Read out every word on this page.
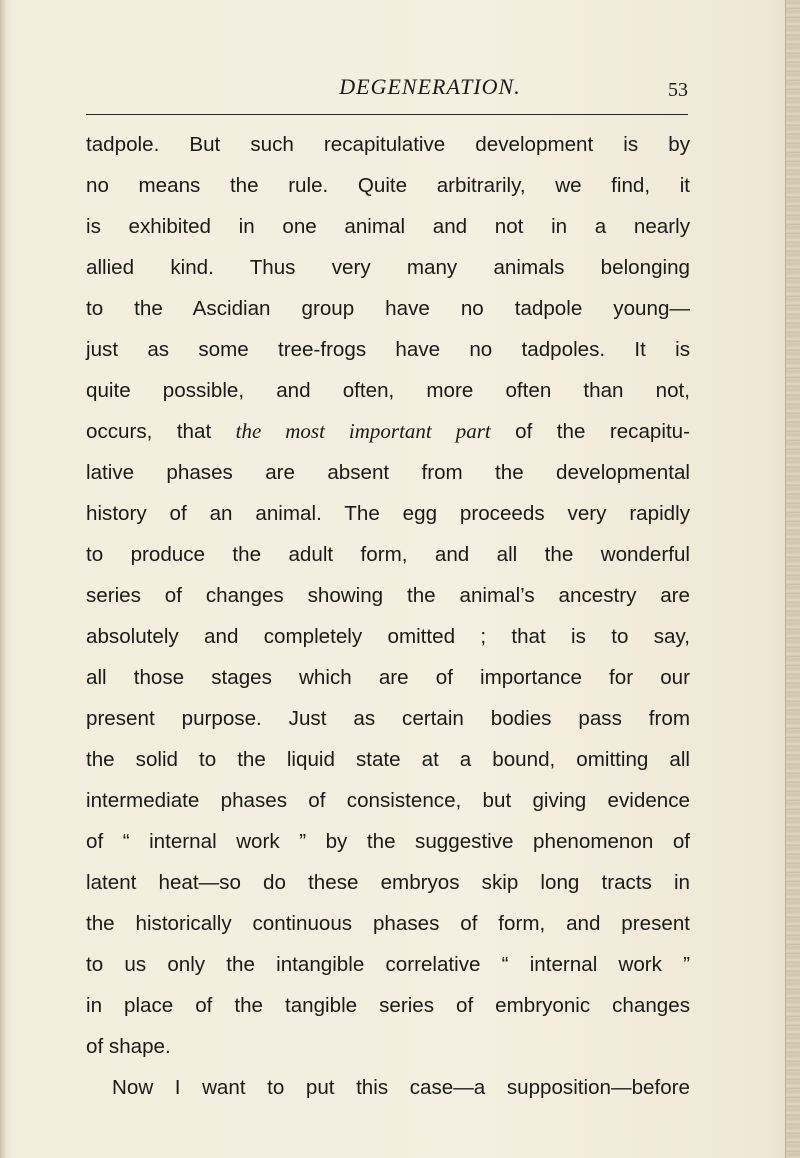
DEGENERATION.	53
tadpole. But such recapitulative development is by
no means the rule. Quite arbitrarily, we find, it
is exhibited in one animal and not in a nearly
allied kind. Thus very many animals belonging
to the Ascidian group have no tadpole young—
just as some tree-frogs have no tadpoles. It is
quite possible, and often, more often than not,
occurs, that the most important part of the recapitu-
lative phases are absent from the developmental
history of an animal. The egg proceeds very rapidly
to produce the adult form, and all the wonderful
series of changes showing the animal’s ancestry are
absolutely and completely omitted ; that is to say,
all those stages which are of importance for our
present purpose. Just as certain bodies pass from
the solid to the liquid state at a bound, omitting all
intermediate phases of consistence, but giving evidence
of “ internal work ” by the suggestive phenomenon of
latent heat—so do these embryos skip long tracts in
the historically continuous phases of form, and present
to us only the intangible correlative “ internal work ”
in place of the tangible series of embryonic changes
of shape.
Now I want to put this case—a supposition—before
